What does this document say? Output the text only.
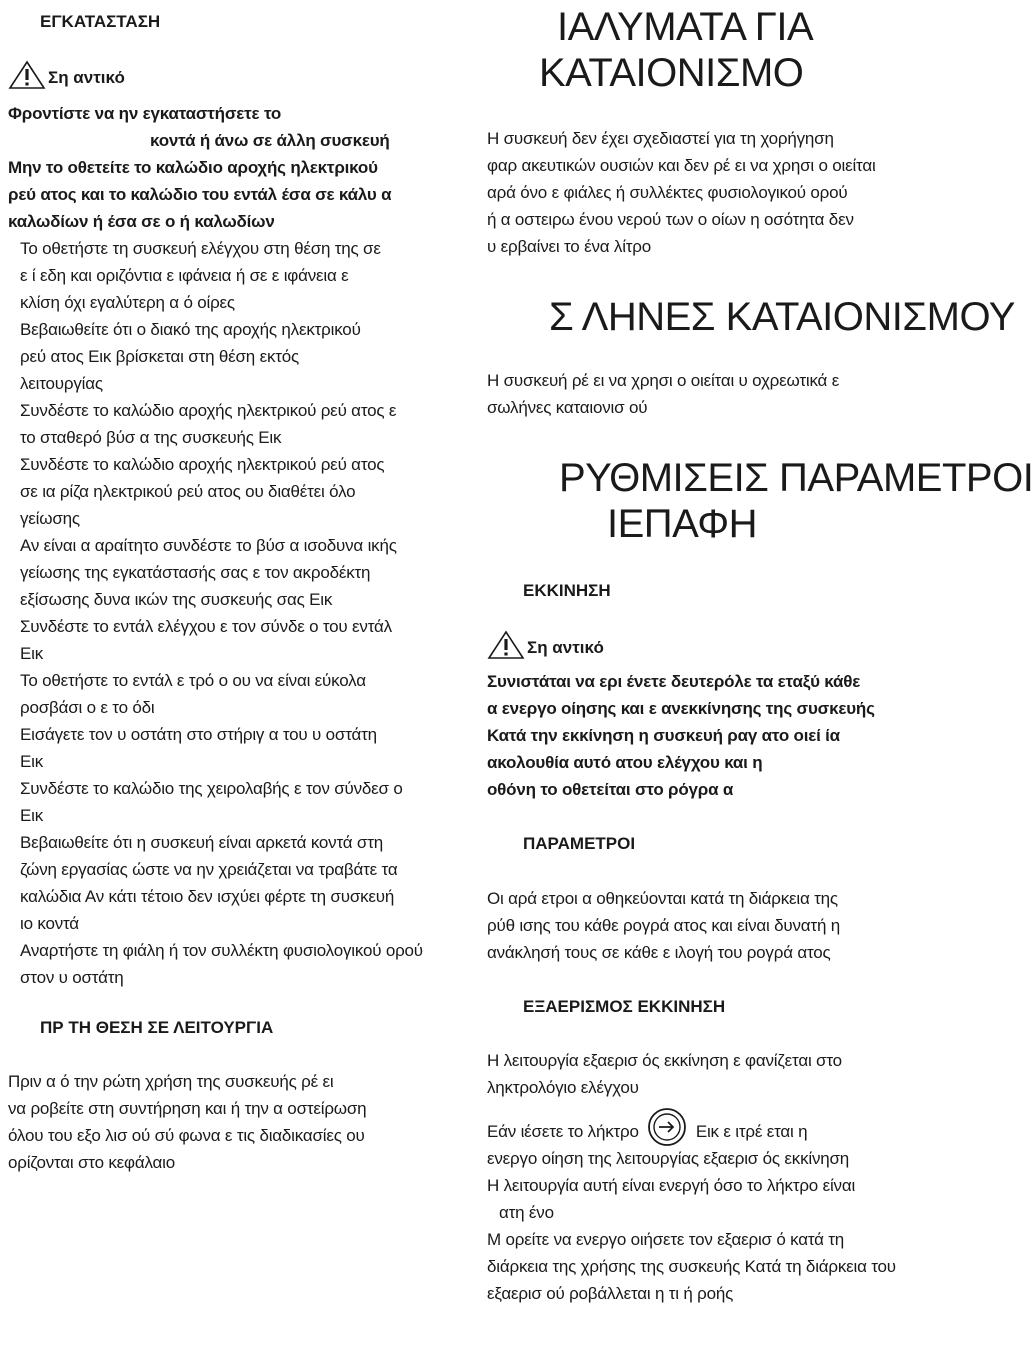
ΕΓΚΑΤΑΣΤΑΣΗ
Ση αντικό
Φροντίστε να ην εγκαταστήσετε το
κοντά ή άνω σε άλλη συσκευή
Μην το οθετείτε το καλώδιο αροχής ηλεκτρικού
ρεύ ατος και το καλώδιο του εντάλ έσα σε κάλυ α
καλωδίων ή έσα σε ο ή καλωδίων
Το οθετήστε τη συσκευή ελέγχου στη θέση της σε
ε ί εδη και οριζόντια ε ιφάνεια ή σε ε ιφάνεια ε
κλίση όχι εγαλύτερη α ό οίρες
Βεβαιωθείτε ότι ο διακό της αροχής ηλεκτρικού
ρεύ ατος Εικ βρίσκεται στη θέση εκτός
λειτουργίας
Συνδέστε το καλώδιο αροχής ηλεκτρικού ρεύ ατος ε
το σταθερό βύσ α της συσκευής Εικ
Συνδέστε το καλώδιο αροχής ηλεκτρικού ρεύ ατος
σε ια ρίζα ηλεκτρικού ρεύ ατος ου διαθέτει όλο
γείωσης
Αν είναι α αραίτητο συνδέστε το βύσ α ισοδυνα ικής
γείωσης της εγκατάστασής σας ε τον ακροδέκτη
εξίσωσης δυνα ικών της συσκευής σας Εικ
Συνδέστε το εντάλ ελέγχου ε τον σύνδε ο του εντάλ
Εικ
Το οθετήστε το εντάλ ε τρό ο ου να είναι εύκολα
ροσβάσι ο ε το όδι
Εισάγετε τον υ οστάτη στο στήριγ α του υ οστάτη
Εικ
Συνδέστε το καλώδιο της χειρολαβής ε τον σύνδεσ ο
Εικ
Βεβαιωθείτε ότι η συσκευή είναι αρκετά κοντά στη
ζώνη εργασίας ώστε να ην χρειάζεται να τραβάτε τα
καλώδια Αν κάτι τέτοιο δεν ισχύει φέρτε τη συσκευή
ιο κοντά
Αναρτήστε τη φιάλη ή τον συλλέκτη φυσιολογικού ορού
στον υ οστάτη
ΠΡ ΤΗ ΘΕΣΗ ΣΕ ΛΕΙΤΟΥΡΓΙΑ
Πριν α ό την ρώτη χρήση της συσκευής ρέ ει
να ροβείτε στη συντήρηση και ή την α οστείρωση
όλου του εξο λισ ού σύ φωνα ε τις διαδικασίες ου
ορίζονται στο κεφάλαιο
ΙΑΛΥΜΑΤΑ ΓΙΑ
ΚΑΤΑΙΟΝΙΣΜΟ
Η συσκευή δεν έχει σχεδιαστεί για τη χορήγηση
φαρ ακευτικών ουσιών και δεν ρέ ει να χρησι ο οιείται
αρά όνο ε φιάλες ή συλλέκτες φυσιολογικού ορού
ή α οστειρω ένου νερού των ο οίων η οσότητα δεν
υ ερβαίνει το ένα λίτρο
Σ ΛΗΝΕΣ ΚΑΤΑΙΟΝΙΣΜΟΥ
Η συσκευή ρέ ει να χρησι ο οιείται υ οχρεωτικά ε
σωλήνες καταιονισ ού
ΡΥΘΜΙΣΕΙΣ ΠΑΡΑΜΕΤΡΟΙ
ΙΕΠΑΦΗ
ΕΚΚΙΝΗΣΗ
Ση αντικό
Συνιστάται να ερι ένετε δευτερόλε τα εταξύ κάθε
α ενεργο οίησης και ε ανεκκίνησης της συσκευής
Κατά την εκκίνηση η συσκευή ραγ ατο οιεί ία
ακολουθία αυτό ατου ελέγχου και η
οθόνη το οθετείται στο ρόγρα α
ΠΑΡΑΜΕΤΡΟΙ
Οι αρά ετροι α οθηκεύονται κατά τη διάρκεια της
ρύθ ισης του κάθε ρογρά ατος και είναι δυνατή η
ανάκλησή τους σε κάθε ε ιλογή του ρογρά ατος
ΕΞΑΕΡΙΣΜΟΣ ΕΚΚΙΝΗΣΗ
Η λειτουργία εξαερισ ός εκκίνηση ε φανίζεται στο
ληκτρολόγιο ελέγχου
Εάν ιέσετε το λήκτρο	Εικ ε ιτρέ εται η
ενεργο οίηση της λειτουργίας εξαερισ ός εκκίνηση
Η λειτουργία αυτή είναι ενεργή όσο το λήκτρο είναι
ατη ένο
Μ ορείτε να ενεργο οιήσετε τον εξαερισ ό κατά τη
διάρκεια της χρήσης της συσκευής Κατά τη διάρκεια του
εξαερισ ού ροβάλλεται η τι ή ροής
